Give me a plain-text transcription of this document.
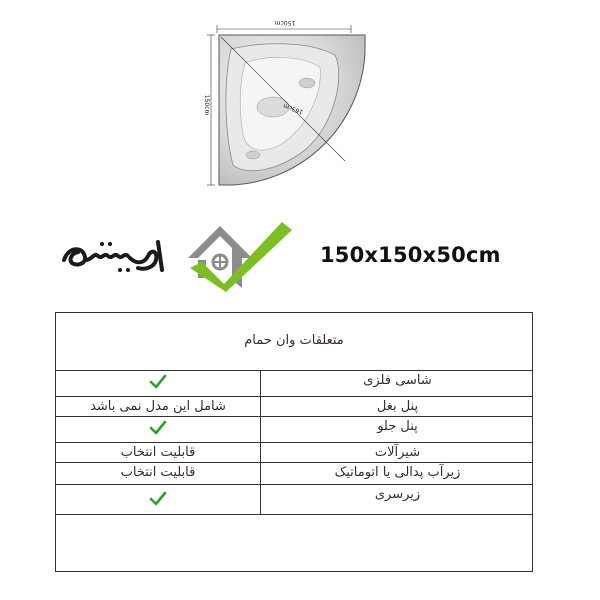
150cm
150cm	163cm
150x150x50cm
متعلقات وان حمام
شاسی فلزی
شامل این مدل نمی باشد	پنل بغل
پنل جلو
قابلیت انتخاب	شیرآلات
قابلیت انتخاب	زیرآب پدالی یا اتوماتیک
زیرسری
